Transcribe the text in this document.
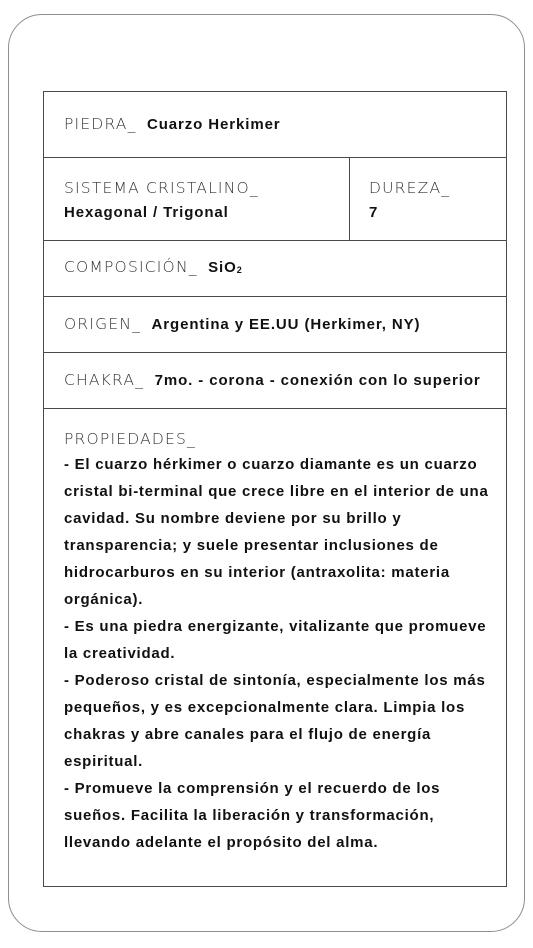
PIEDRA_ Cuarzo Herkimer
SISTEMA CRISTALINO_
Hexagonal / Trigonal
DUREZA_
7
COMPOSICIÓN_ SiO2
ORIGEN_ Argentina y EE.UU (Herkimer, NY)
CHAKRA_ 7mo. - corona - conexión con lo superior
PROPIEDADES_

- El cuarzo hérkimer o cuarzo diamante es un cuarzo cristal bi-terminal que crece libre en el interior de una cavidad. Su nombre deviene por su brillo y transparencia; y suele presentar inclusiones de hidrocarburos en su interior (antraxolita: materia orgánica).

- Es una piedra energizante, vitalizante que promueve la creatividad.

- Poderoso cristal de sintonía, especialmente los más pequeños, y es excepcionalmente clara. Limpia los chakras y abre canales para el flujo de energía espiritual.

- Promueve la comprensión y el recuerdo de los sueños. Facilita la liberación y transformación, llevando adelante el propósito del alma.
